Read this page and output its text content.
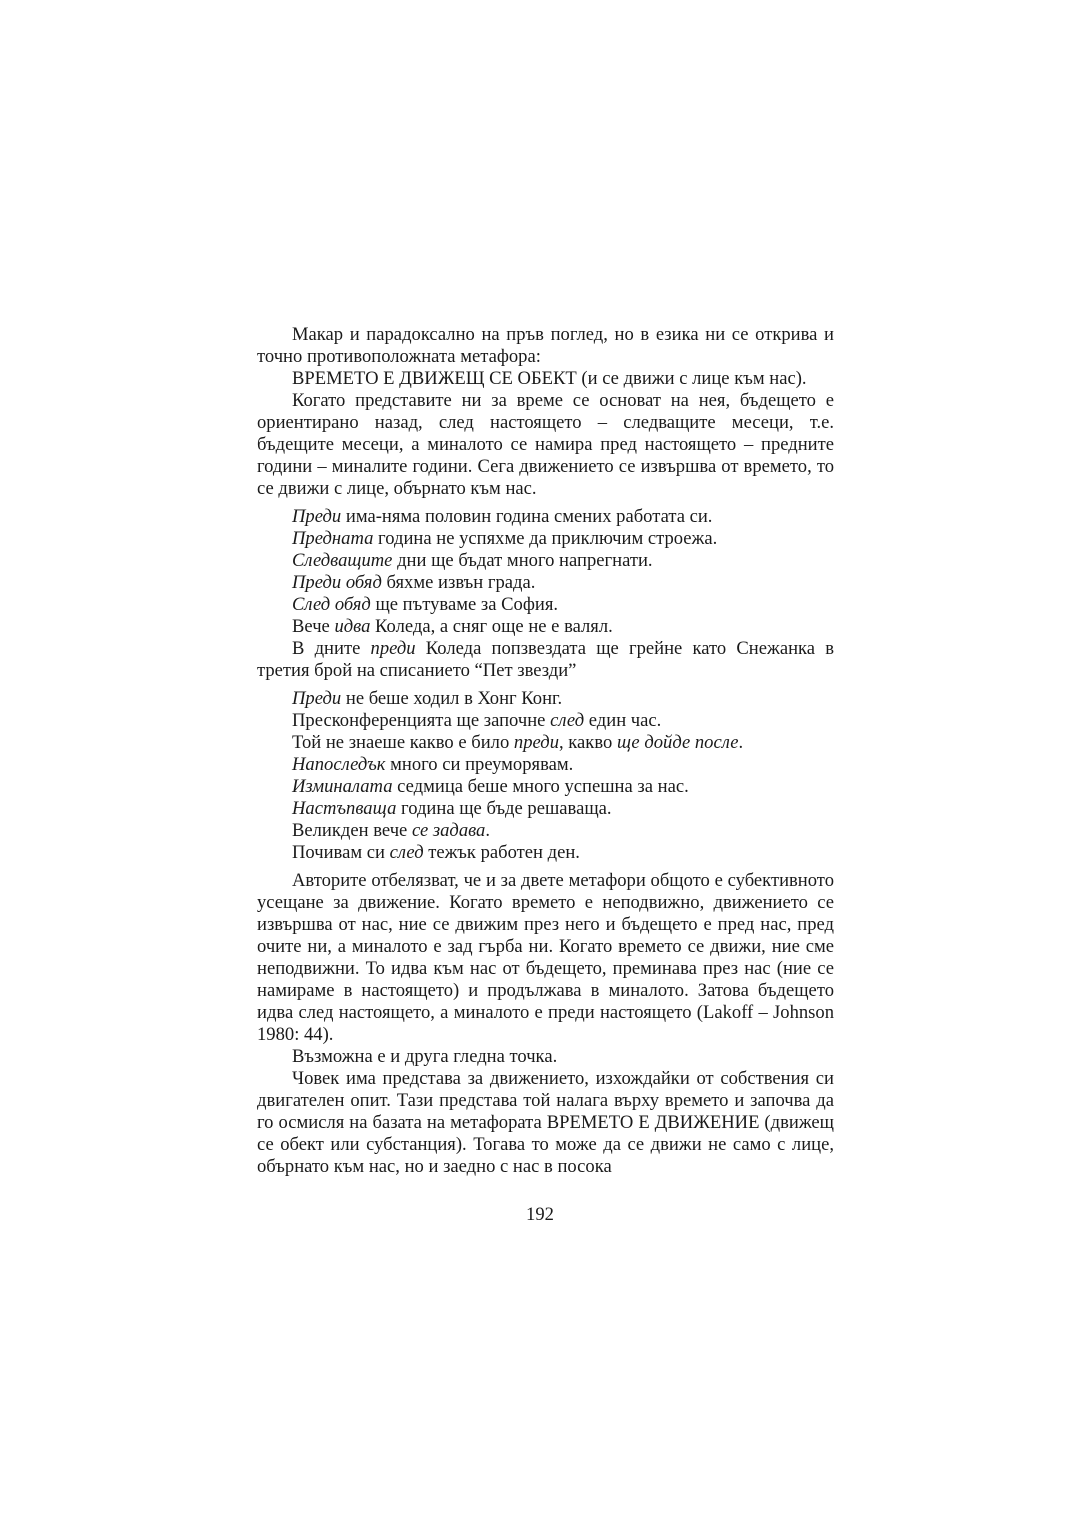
Макар и парадоксално на пръв поглед, но в езика ни се открива и точно противоположната метафора:

ВРЕМЕТО Е ДВИЖЕЩ СЕ ОБЕКТ (и се движи с лице към нас).

Когато представите ни за време се основат на нея, бъдещето е ориентирано назад, след настоящето – следващите месеци, т.е. бъдещите месеци, а миналото се намира пред настоящето – предните години – миналите години. Сега движението се извършва от времето, то се движи с лице, обърнато към нас.

Преди има-няма половин година смених работата си.

Предната година не успяхме да приключим строежа.

Следващите дни ще бъдат много напрегнати.

Преди обяд бяхме извън града.

След обяд ще пътуваме за София.

Вече идва Коледа, а сняг още не е валял.

В дните преди Коледа попзвездата ще грейне като Снежанка в третия брой на списанието “Пет звезди”

Преди не беше ходил в Хонг Конг.

Пресконференцията ще започне след един час.

Той не знаеше какво е било преди, какво ще дойде после.

Напоследък много си преуморявам.

Изминалата седмица беше много успешна за нас.

Настъпваща година ще бъде решаваща.

Великден вече се задава.

Почивам си след тежък работен ден.

Авторите отбелязват, че и за двете метафори общото е субективното усещане за движение. Когато времето е неподвижно, движението се извършва от нас, ние се движим през него и бъдещето е пред нас, пред очите ни, а миналото е зад гърба ни. Когато времето се движи, ние сме неподвижни. То идва към нас от бъдещето, преминава през нас (ние се намираме в настоящето) и продължава в миналото. Затова бъдещето идва след настоящето, а миналото е преди настоящето (Lakoff – Johnson 1980: 44).

Възможна е и друга гледна точка.

Човек има представа за движението, изхождайки от собствения си двигателен опит. Тази представа той налага върху времето и започва да го осмисля на базата на метафората ВРЕМЕТО Е ДВИЖЕНИЕ (движещ се обект или субстанция). Тогава то може да се движи не само с лице, обърнато към нас, но и заедно с нас в посока

192
